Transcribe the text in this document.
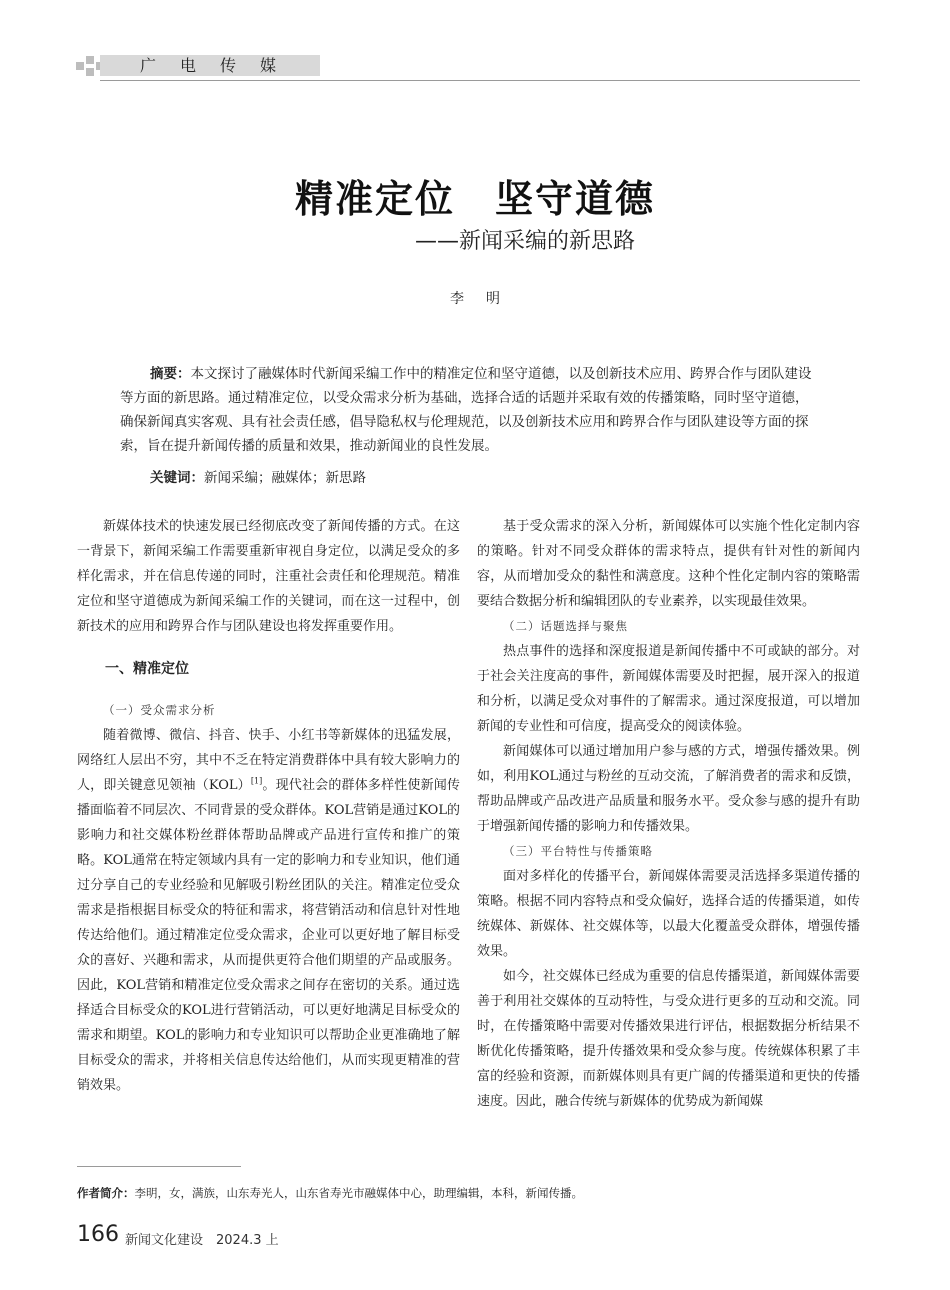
广电传媒
精准定位　坚守道德
——新闻采编的新思路
李明
摘要：本文探讨了融媒体时代新闻采编工作中的精准定位和坚守道德，以及创新技术应用、跨界合作与团队建设等方面的新思路。通过精准定位，以受众需求分析为基础，选择合适的话题并采取有效的传播策略，同时坚守道德，确保新闻真实客观、具有社会责任感，倡导隐私权与伦理规范，以及创新技术应用和跨界合作与团队建设等方面的探索，旨在提升新闻传播的质量和效果，推动新闻业的良性发展。
关键词：新闻采编；融媒体；新思路

新媒体技术的快速发展已经彻底改变了新闻传播的方式。在这一背景下，新闻采编工作需要重新审视自身定位，以满足受众的多样化需求，并在信息传递的同时，注重社会责任和伦理规范。精准定位和坚守道德成为新闻采编工作的关键词，而在这一过程中，创新技术的应用和跨界合作与团队建设也将发挥重要作用。

一、精准定位
（一）受众需求分析

随着微博、微信、抖音、快手、小红书等新媒体的迅猛发展，网络红人层出不穷，其中不乏在特定消费群体中具有较大影响力的人，即关键意见领袖（KOL）[1]。现代社会的群体多样性使新闻传播面临着不同层次、不同背景的受众群体。KOL营销是通过KOL的影响力和社交媒体粉丝群体帮助品牌或产品进行宣传和推广的策略。KOL通常在特定领域内具有一定的影响力和专业知识，他们通过分享自己的专业经验和见解吸引粉丝团队的关注。精准定位受众需求是指根据目标受众的特征和需求，将营销活动和信息针对性地传达给他们。通过精准定位受众需求，企业可以更好地了解目标受众的喜好、兴趣和需求，从而提供更符合他们期望的产品或服务。因此，KOL营销和精准定位受众需求之间存在密切的关系。通过选择适合目标受众的KOL进行营销活动，可以更好地满足目标受众的需求和期望。KOL的影响力和专业知识可以帮助企业更准确地了解目标受众的需求，并将相关信息传达给他们，从而实现更精准的营销效果。

基于受众需求的深入分析，新闻媒体可以实施个性化定制内容的策略。针对不同受众群体的需求特点，提供有针对性的新闻内容，从而增加受众的黏性和满意度。这种个性化定制内容的策略需要结合数据分析和编辑团队的专业素养，以实现最佳效果。

（二）话题选择与聚焦

热点事件的选择和深度报道是新闻传播中不可或缺的部分。对于社会关注度高的事件，新闻媒体需要及时把握，展开深入的报道和分析，以满足受众对事件的了解需求。通过深度报道，可以增加新闻的专业性和可信度，提高受众的阅读体验。

新闻媒体可以通过增加用户参与感的方式，增强传播效果。例如，利用KOL通过与粉丝的互动交流，了解消费者的需求和反馈，帮助品牌或产品改进产品质量和服务水平。受众参与感的提升有助于增强新闻传播的影响力和传播效果。

（三）平台特性与传播策略

面对多样化的传播平台，新闻媒体需要灵活选择多渠道传播的策略。根据不同内容特点和受众偏好，选择合适的传播渠道，如传统媒体、新媒体、社交媒体等，以最大化覆盖受众群体，增强传播效果。

如今，社交媒体已经成为重要的信息传播渠道，新闻媒体需要善于利用社交媒体的互动特性，与受众进行更多的互动和交流。同时，在传播策略中需要对传播效果进行评估，根据数据分析结果不断优化传播策略，提升传播效果和受众参与度。传统媒体积累了丰富的经验和资源，而新媒体则具有更广阔的传播渠道和更快的传播速度。因此，融合传统与新媒体的优势成为新闻媒

作者简介：李明，女，满族，山东寿光人，山东省寿光市融媒体中心，助理编辑，本科，新闻传播。
166 新闻文化建设　2024.3 上
